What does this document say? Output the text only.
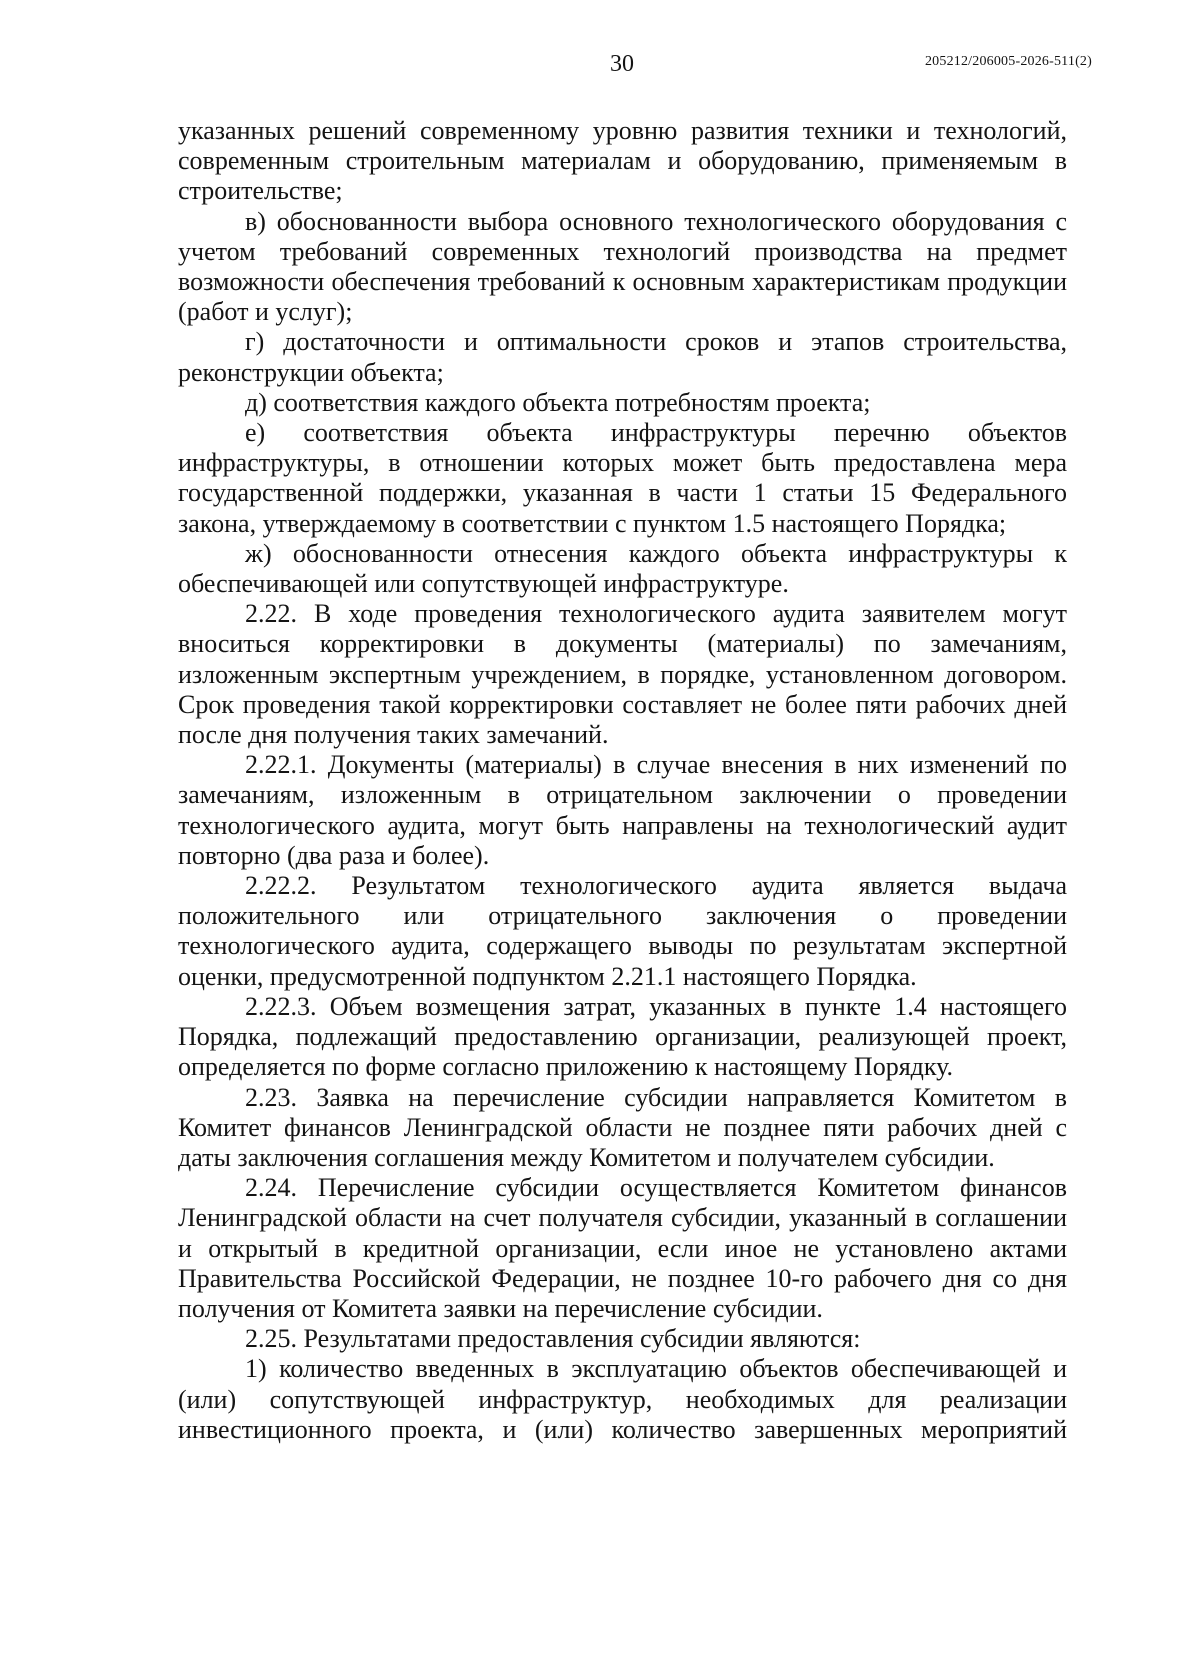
30	205212/206005-2026-511(2)

указанных решений современному уровню развития техники и технологий, современным строительным материалам и оборудованию, применяемым в строительстве;

в) обоснованности выбора основного технологического оборудования с учетом требований современных технологий производства на предмет возможности обеспечения требований к основным характеристикам продукции (работ и услуг);

г) достаточности и оптимальности сроков и этапов строительства, реконструкции объекта;

д) соответствия каждого объекта потребностям проекта;

е) соответствия объекта инфраструктуры перечню объектов инфраструктуры, в отношении которых может быть предоставлена мера государственной поддержки, указанная в части 1 статьи 15 Федерального закона, утверждаемому в соответствии с пунктом 1.5 настоящего Порядка;

ж) обоснованности отнесения каждого объекта инфраструктуры к обеспечивающей или сопутствующей инфраструктуре.

2.22. В ходе проведения технологического аудита заявителем могут вноситься корректировки в документы (материалы) по замечаниям, изложенным экспертным учреждением, в порядке, установленном договором. Срок проведения такой корректировки составляет не более пяти рабочих дней после дня получения таких замечаний.

2.22.1. Документы (материалы) в случае внесения в них изменений по замечаниям, изложенным в отрицательном заключении о проведении технологического аудита, могут быть направлены на технологический аудит повторно (два раза и более).

2.22.2. Результатом технологического аудита является выдача положительного или отрицательного заключения о проведении технологического аудита, содержащего выводы по результатам экспертной оценки, предусмотренной подпунктом 2.21.1 настоящего Порядка.

2.22.3. Объем возмещения затрат, указанных в пункте 1.4 настоящего Порядка, подлежащий предоставлению организации, реализующей проект, определяется по форме согласно приложению к настоящему Порядку.

2.23. Заявка на перечисление субсидии направляется Комитетом в Комитет финансов Ленинградской области не позднее пяти рабочих дней с даты заключения соглашения между Комитетом и получателем субсидии.

2.24. Перечисление субсидии осуществляется Комитетом финансов Ленинградской области на счет получателя субсидии, указанный в соглашении и открытый в кредитной организации, если иное не установлено актами Правительства Российской Федерации, не позднее 10-го рабочего дня со дня получения от Комитета заявки на перечисление субсидии.

2.25. Результатами предоставления субсидии являются:

1) количество введенных в эксплуатацию объектов обеспечивающей и (или) сопутствующей инфраструктур, необходимых для реализации инвестиционного проекта, и (или) количество завершенных мероприятий
